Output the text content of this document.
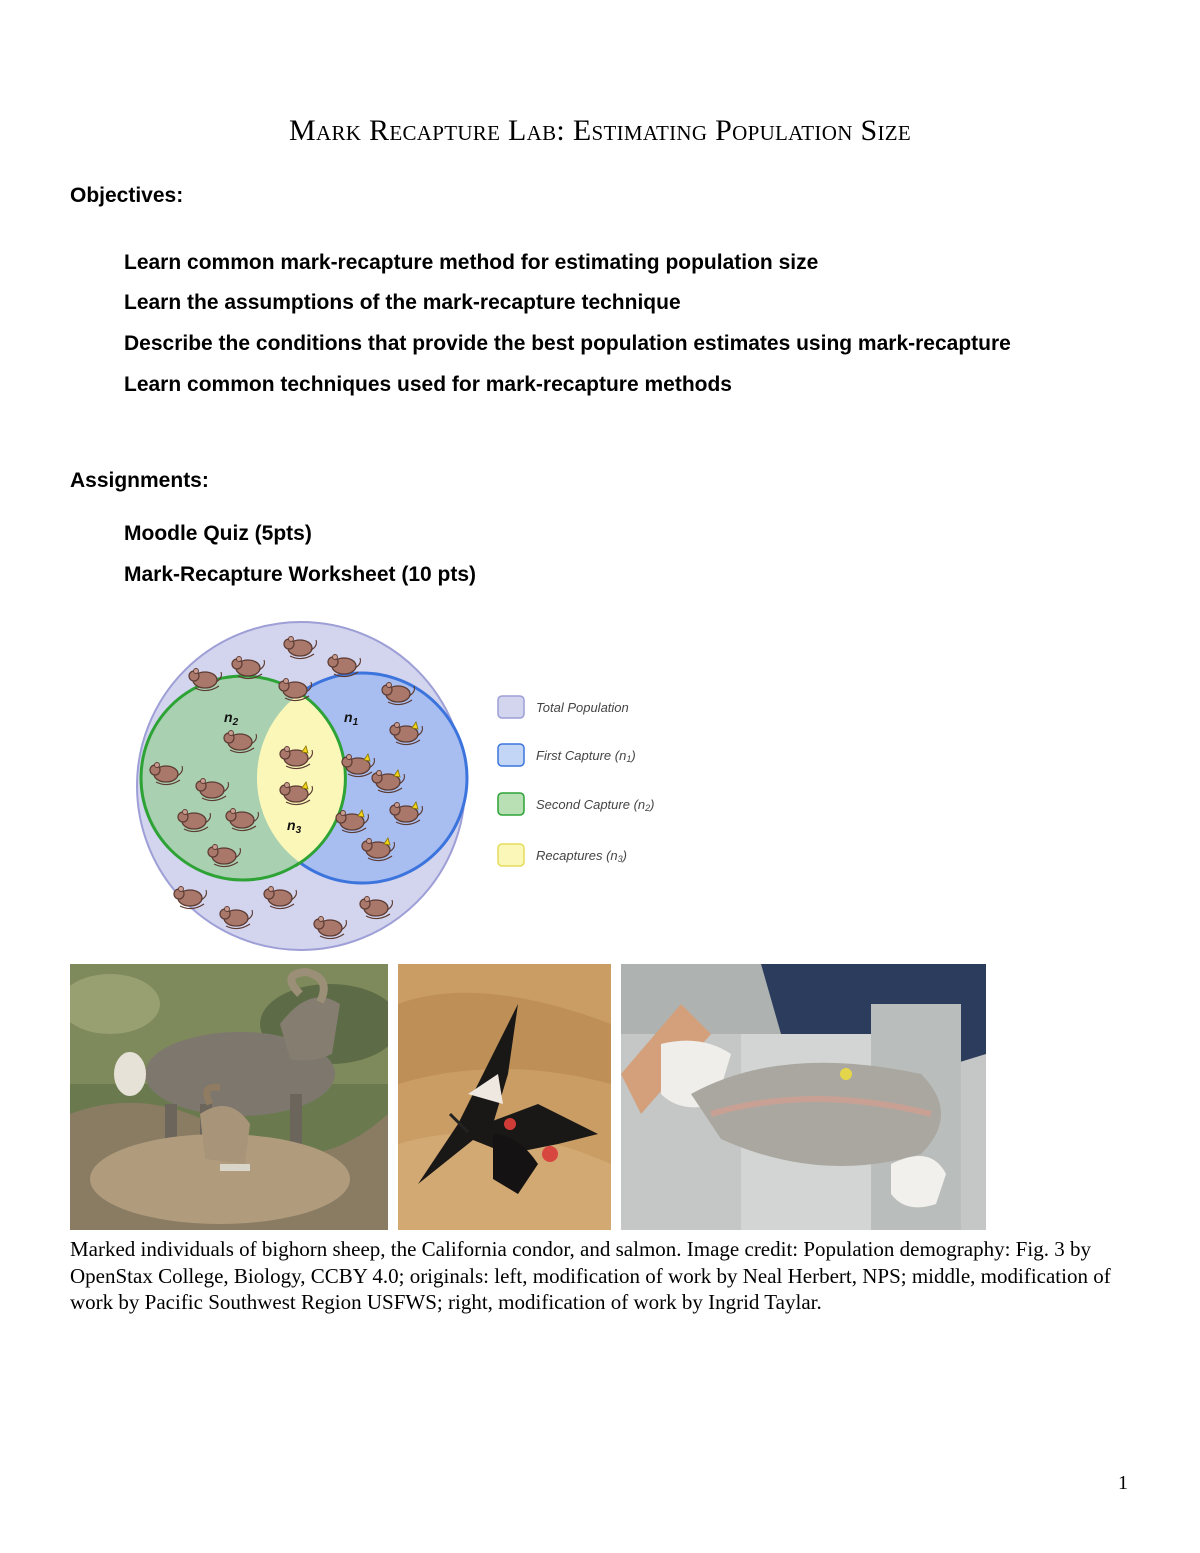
Mark Recapture Lab: Estimating Population Size
Objectives:
Learn common mark-recapture method for estimating population size
Learn the assumptions of the mark-recapture technique
Describe the conditions that provide the best population estimates using mark-recapture
Learn common techniques used for mark-recapture methods
Assignments:
Moodle Quiz (5pts)
Mark-Recapture Worksheet (10 pts)
$n_2$	$n_1$
$n_3$
Total Population
First Capture (n1)
Second Capture (n2)
Recaptures (n3)
Marked individuals of bighorn sheep, the California condor, and salmon. Image credit: Population demography: Fig. 3 by OpenStax College, Biology, CCBY 4.0; originals: left, modification of work by Neal Herbert, NPS; middle, modification of work by Pacific Southwest Region USFWS; right, modification of work by Ingrid Taylar.
1
